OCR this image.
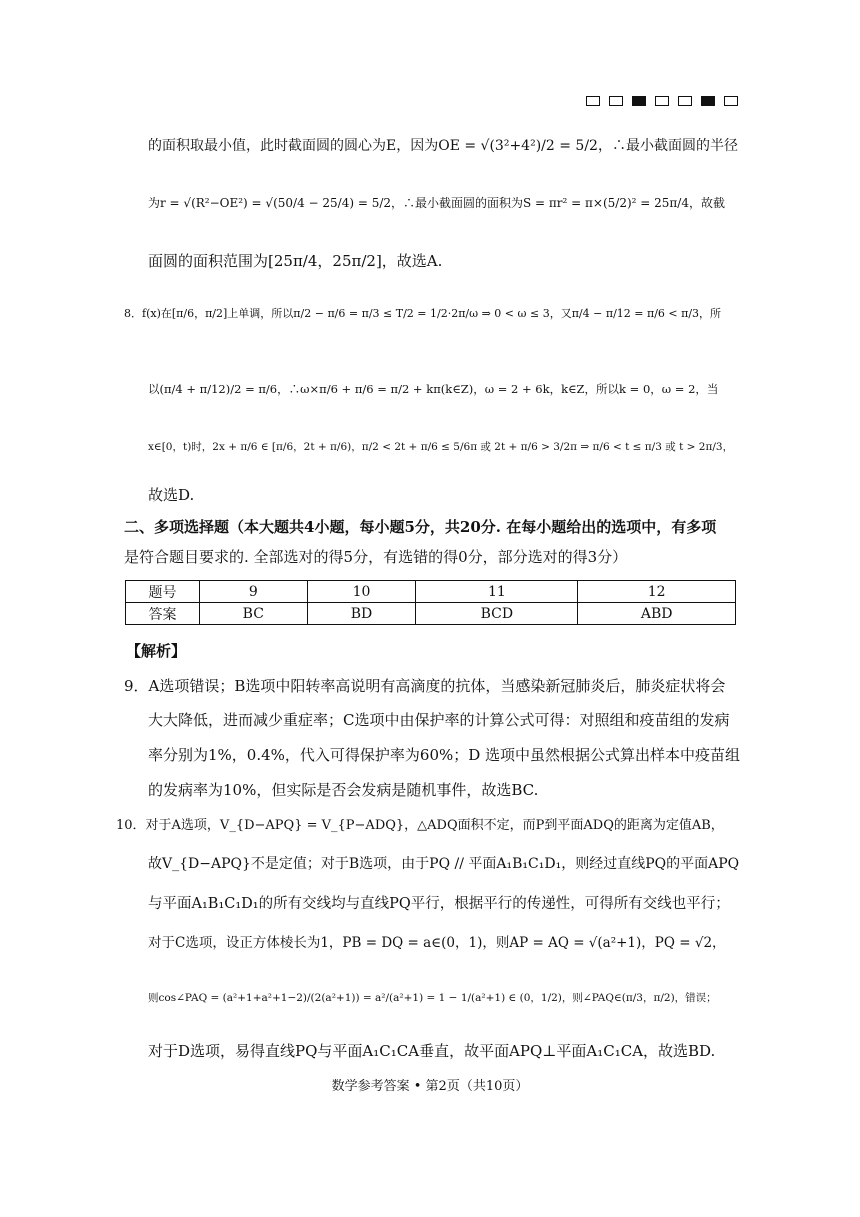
的面积取最小值，此时截面圆的圆心为E，因为OE = √(3²+4²)/2 = 5/2，∴最小截面圆的半径
为r = √(R²−OE²) = √(50/4 − 25/4) = 5/2，∴最小截面圆的面积为S = πr² = π×(5/2)² = 25π/4，故截
面圆的面积范围为[25π/4，25π/2]，故选A.
8．f(x)在[π/6，π/2]上单调，所以π/2 − π/6 = π/3 ≤ T/2 = 1/2·2π/ω ⇒ 0 < ω ≤ 3，又π/4 − π/12 = π/6 < π/3，所
以(π/4 + π/12)/2 = π/6，∴ω×π/6 + π/6 = π/2 + kπ(k∈Z)，ω = 2 + 6k，k∈Z，所以k = 0，ω = 2，当
x∈[0，t)时，2x + π/6 ∈ [π/6，2t + π/6)，π/2 < 2t + π/6 ≤ 5/6π 或 2t + π/6 > 3/2π ⇒ π/6 < t ≤ π/3 或 t > 2π/3，
故选D.
二、多项选择题（本大题共4小题，每小题5分，共20分. 在每小题给出的选项中，有多项
是符合题目要求的. 全部选对的得5分，有选错的得0分，部分选对的得3分）
题号	9	10	11	12
答案	BC	BD	BCD	ABD
【解析】
9．A选项错误；B选项中阳转率高说明有高滴度的抗体，当感染新冠肺炎后，肺炎症状将会
大大降低，进而减少重症率；C选项中由保护率的计算公式可得：对照组和疫苗组的发病
率分别为1%，0.4%，代入可得保护率为60%；D 选项中虽然根据公式算出样本中疫苗组
的发病率为10%，但实际是否会发病是随机事件，故选BC.
10．对于A选项，V_{D−APQ} = V_{P−ADQ}，△ADQ面积不定，而P到平面ADQ的距离为定值AB，
故V_{D−APQ}不是定值；对于B选项，由于PQ // 平面A₁B₁C₁D₁，则经过直线PQ的平面APQ
与平面A₁B₁C₁D₁的所有交线均与直线PQ平行，根据平行的传递性，可得所有交线也平行；
对于C选项，设正方体棱长为1，PB = DQ = a∈(0，1)，则AP = AQ = √(a²+1)，PQ = √2，
则cos∠PAQ = (a²+1+a²+1−2)/(2(a²+1)) = a²/(a²+1) = 1 − 1/(a²+1) ∈ (0，1/2)，则∠PAQ∈(π/3，π/2)，错误；
对于D选项，易得直线PQ与平面A₁C₁CA垂直，故平面APQ⊥平面A₁C₁CA，故选BD.
数学参考答案 • 第2页（共10页）
